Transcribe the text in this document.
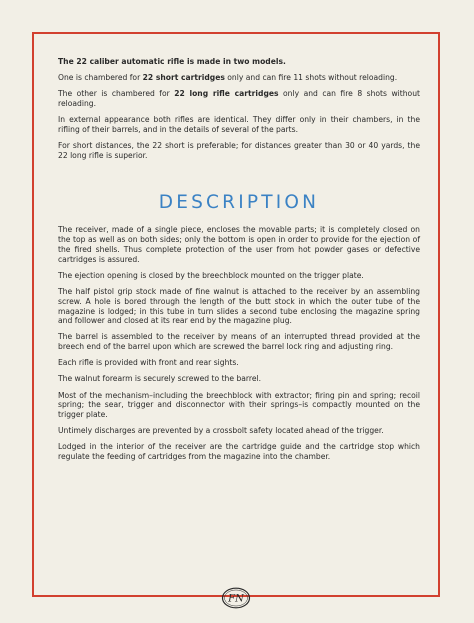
The 22 caliber automatic rifle is made in two models.

One is chambered for 22 short cartridges only and can fire 11 shots without reloading.

The other is chambered for 22 long rifle cartridges only and can fire 8 shots without reloading.

In external appearance both rifles are identical. They differ only in their chambers, in the rifling of their barrels, and in the details of several of the parts.

For short distances, the 22 short is preferable; for distances greater than 30 or 40 yards, the 22 long rifle is superior.

DESCRIPTION

The receiver, made of a single piece, encloses the movable parts; it is completely closed on the top as well as on both sides; only the bottom is open in order to provide for the ejection of the fired shells. Thus complete protection of the user from hot powder gases or defective cartridges is assured.

The ejection opening is closed by the breechblock mounted on the trigger plate.

The half pistol grip stock made of fine walnut is attached to the receiver by an assembling screw. A hole is bored through the length of the butt stock in which the outer tube of the magazine is lodged; in this tube in turn slides a second tube enclosing the magazine spring and follower and closed at its rear end by the magazine plug.

The barrel is assembled to the receiver by means of an interrupted thread provided at the breech end of the barrel upon which are screwed the barrel lock ring and adjusting ring.

Each rifle is provided with front and rear sights.

The walnut forearm is securely screwed to the barrel.

Most of the mechanism–including the breechblock with extractor; firing pin and spring; recoil spring; the sear, trigger and disconnector with their springs–is compactly mounted on the trigger plate.

Untimely discharges are prevented by a crossbolt safety located ahead of the trigger.

Lodged in the interior of the receiver are the cartridge guide and the cartridge stop which regulate the feeding of cartridges from the magazine into the chamber.

FN
